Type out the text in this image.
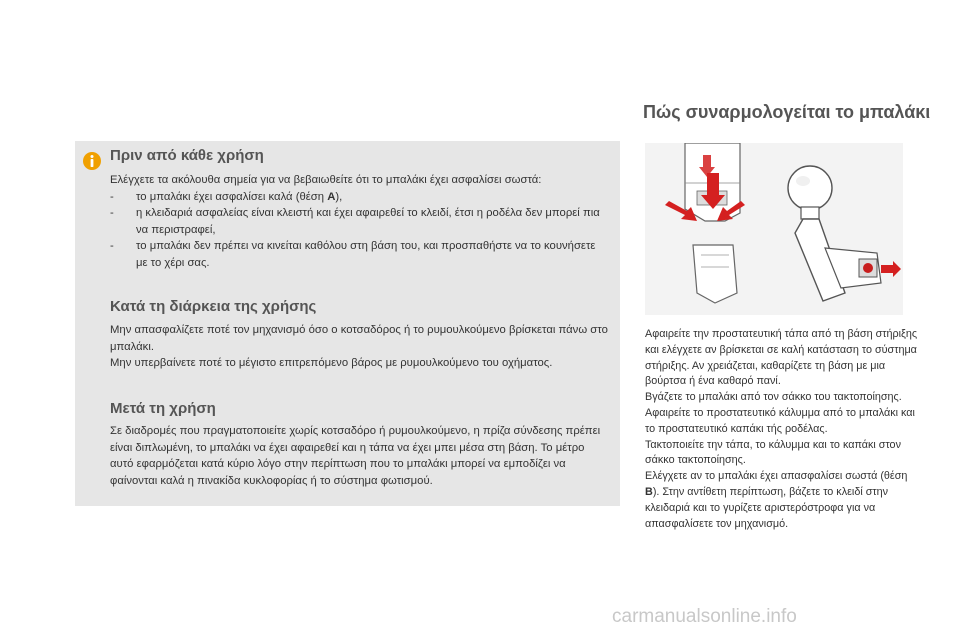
Πριν από κάθε χρήση
Ελέγχετε τα ακόλουθα σημεία για να βεβαιωθείτε ότι το μπαλάκι έχει ασφαλίσει σωστά:
- το μπαλάκι έχει ασφαλίσει καλά (θέση A),
- η κλειδαριά ασφαλείας είναι κλειστή και έχει αφαιρεθεί το κλειδί, έτσι η ροδέλα δεν μπορεί πια να περιστραφεί,
- το μπαλάκι δεν πρέπει να κινείται καθόλου στη βάση του, και προσπαθήστε να το κουνήσετε με το χέρι σας.
Κατά τη διάρκεια της χρήσης
Μην απασφαλίζετε ποτέ τον μηχανισμό όσο ο κοτσαδόρος ή το ρυμουλκούμενο βρίσκεται πάνω στο μπαλάκι.
Μην υπερβαίνετε ποτέ το μέγιστο επιτρεπόμενο βάρος με ρυμουλκούμενο του οχήματος.
Μετά τη χρήση
Σε διαδρομές που πραγματοποιείτε χωρίς κοτσαδόρο ή ρυμουλκούμενο, η πρίζα σύνδεσης πρέπει είναι διπλωμένη, το μπαλάκι να έχει αφαιρεθεί και η τάπα να έχει μπει μέσα στη βάση. Το μέτρο αυτό εφαρμόζεται κατά κύριο λόγο στην περίπτωση που το μπαλάκι μπορεί να εμποδίζει να φαίνονται καλά η πινακίδα κυκλοφορίας ή το σύστημα φωτισμού.
Πώς συναρμολογείται το μπαλάκι
Αφαιρείτε την προστατευτική τάπα από τη βάση στήριξης και ελέγχετε αν βρίσκεται σε καλή κατάσταση το σύστημα στήριξης. Αν χρειάζεται, καθαρίζετε τη βάση με μια βούρτσα ή ένα καθαρό πανί.
Βγάζετε το μπαλάκι από τον σάκκο του τακτοποίησης.
Αφαιρείτε το προστατευτικό κάλυμμα από το μπαλάκι και το προστατευτικό καπάκι τής ροδέλας.
Τακτοποιείτε την τάπα, το κάλυμμα και το καπάκι στον σάκκο τακτοποίησης.
Ελέγχετε αν το μπαλάκι έχει απασφαλίσει σωστά (θέση B). Στην αντίθετη περίπτωση, βάζετε το κλειδί στην κλειδαριά και το γυρίζετε αριστερόστροφα για να απασφαλίσετε τον μηχανισμό.
carmanualsonline.info
